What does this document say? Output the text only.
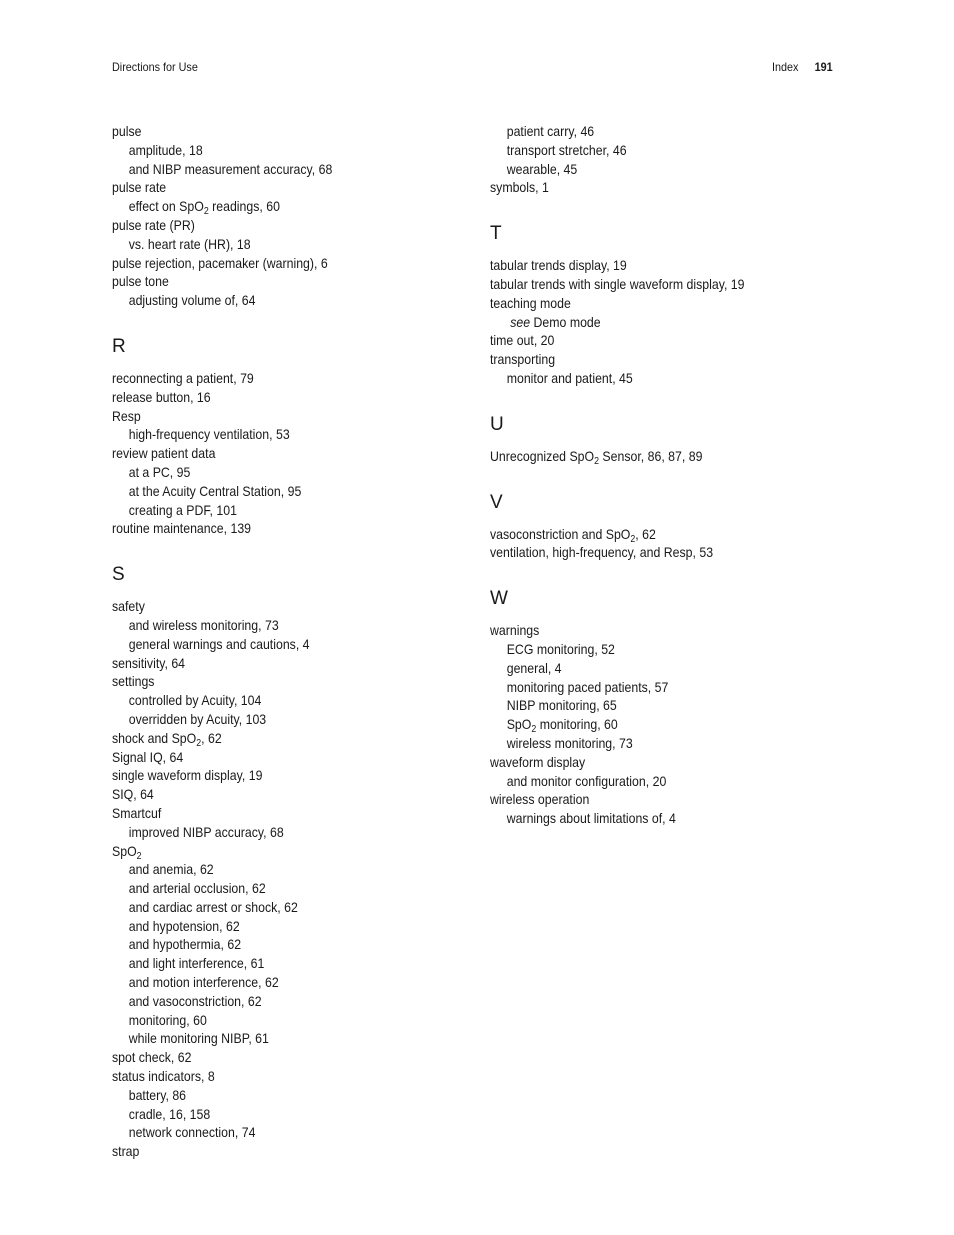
Directions for Use	Index 191
pulse
amplitude, 18
and NIBP measurement accuracy, 68
pulse rate
effect on SpO$_2$ readings, 60
pulse rate (PR)
vs. heart rate (HR), 18
pulse rejection, pacemaker (warning), 6
pulse tone
adjusting volume of, 64
R
reconnecting a patient, 79
release button, 16
Resp
high-frequency ventilation, 53
review patient data
at a PC, 95
at the Acuity Central Station, 95
creating a PDF, 101
routine maintenance, 139
S
safety
and wireless monitoring, 73
general warnings and cautions, 4
sensitivity, 64
settings
controlled by Acuity, 104
overridden by Acuity, 103
shock and SpO$_2$, 62
Signal IQ, 64
single waveform display, 19
SIQ, 64
Smartcuf
improved NIBP accuracy, 68
SpO$_2$
and anemia, 62
and arterial occlusion, 62
and cardiac arrest or shock, 62
and hypotension, 62
and hypothermia, 62
and light interference, 61
and motion interference, 62
and vasoconstriction, 62
monitoring, 60
while monitoring NIBP, 61
spot check, 62
status indicators, 8
battery, 86
cradle, 16, 158
network connection, 74
strap
patient carry, 46
transport stretcher, 46
wearable, 45
symbols, 1
T
tabular trends display, 19
tabular trends with single waveform display, 19
teaching mode
see Demo mode
time out, 20
transporting
monitor and patient, 45
U
Unrecognized SpO$_2$ Sensor, 86, 87, 89
V
vasoconstriction and SpO$_2$, 62
ventilation, high-frequency, and Resp, 53
W
warnings
ECG monitoring, 52
general, 4
monitoring paced patients, 57
NIBP monitoring, 65
SpO$_2$ monitoring, 60
wireless monitoring, 73
waveform display
and monitor configuration, 20
wireless operation
warnings about limitations of, 4
